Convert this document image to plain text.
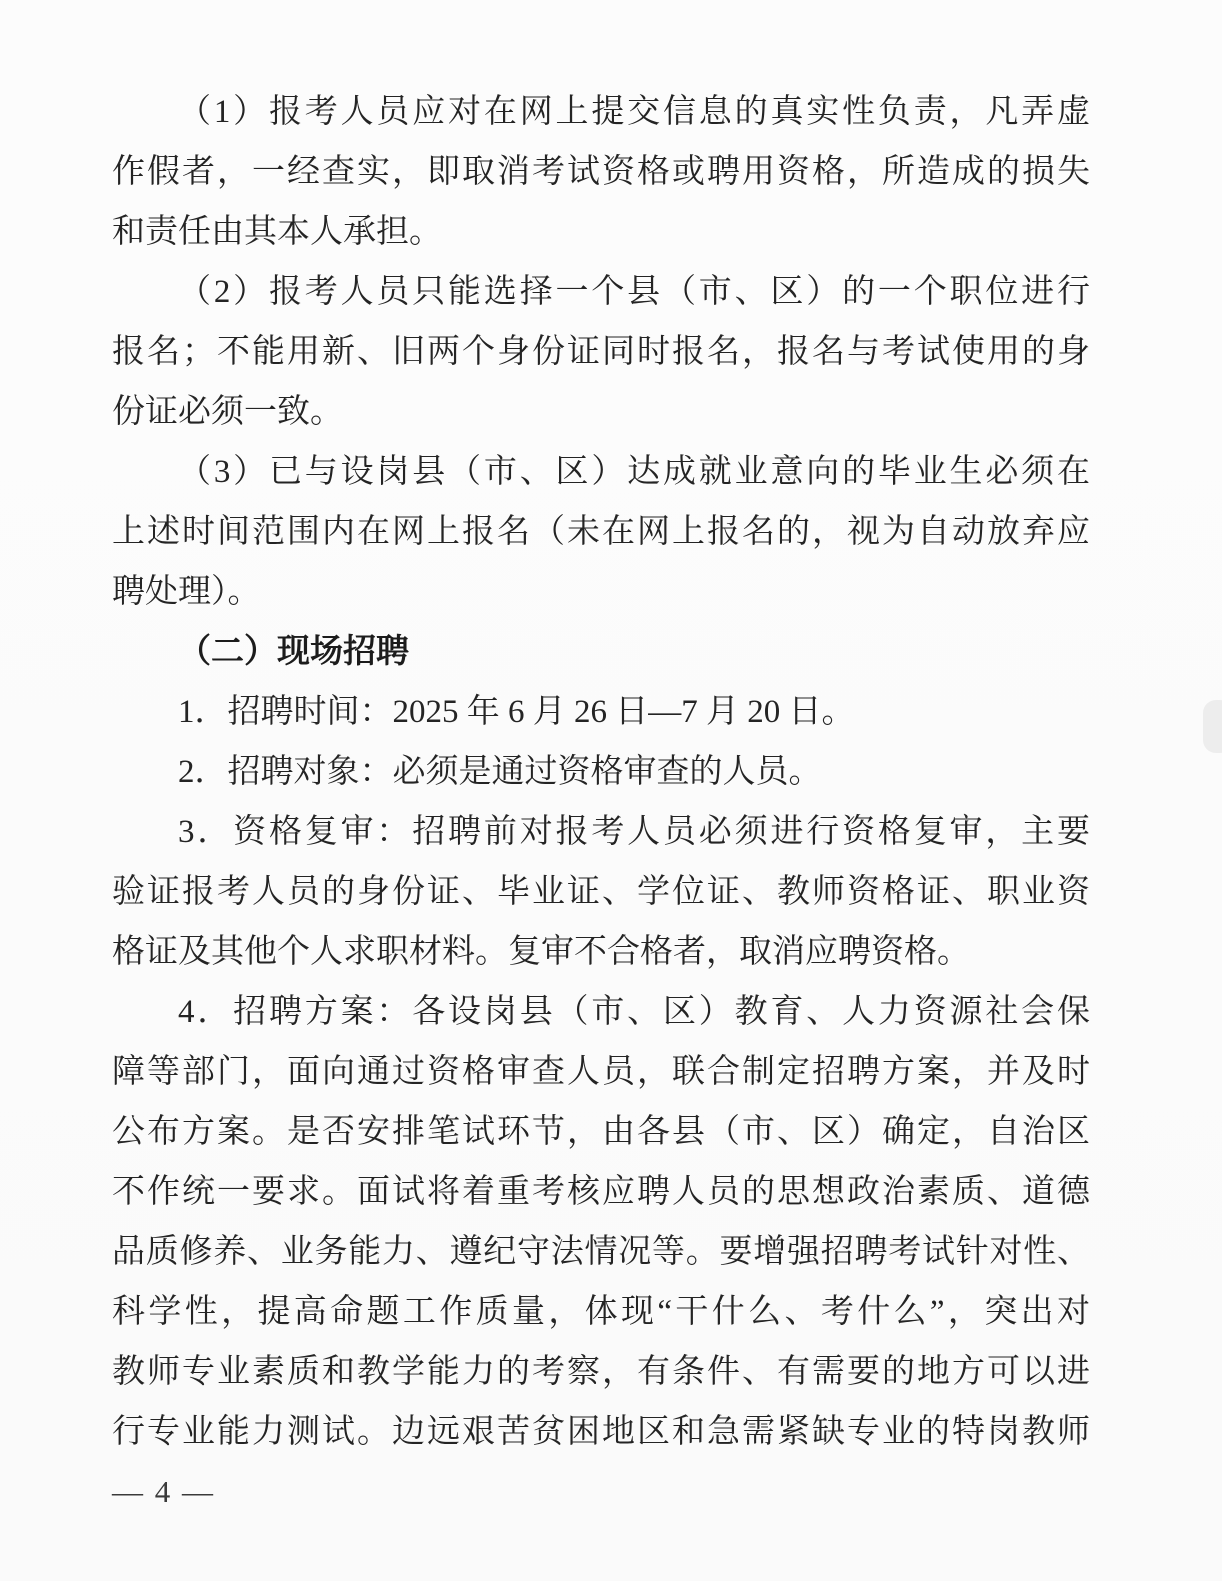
（1）报考人员应对在网上提交信息的真实性负责，凡弄虚
作假者，一经查实，即取消考试资格或聘用资格，所造成的损失
和责任由其本人承担。
（2）报考人员只能选择一个县（市、区）的一个职位进行
报名；不能用新、旧两个身份证同时报名，报名与考试使用的身
份证必须一致。
（3）已与设岗县（市、区）达成就业意向的毕业生必须在
上述时间范围内在网上报名（未在网上报名的，视为自动放弃应
聘处理）。
（二）现场招聘
1．招聘时间：2025 年 6 月 26 日—7 月 20 日。
2．招聘对象：必须是通过资格审查的人员。
3．资格复审：招聘前对报考人员必须进行资格复审，主要
验证报考人员的身份证、毕业证、学位证、教师资格证、职业资
格证及其他个人求职材料。复审不合格者，取消应聘资格。
4．招聘方案：各设岗县（市、区）教育、人力资源社会保
障等部门，面向通过资格审查人员，联合制定招聘方案，并及时
公布方案。是否安排笔试环节，由各县（市、区）确定，自治区
不作统一要求。面试将着重考核应聘人员的思想政治素质、道德
品质修养、业务能力、遵纪守法情况等。要增强招聘考试针对性、
科学性，提高命题工作质量，体现“干什么、考什么”，突出对
教师专业素质和教学能力的考察，有条件、有需要的地方可以进
行专业能力测试。边远艰苦贫困地区和急需紧缺专业的特岗教师
— 4 —
